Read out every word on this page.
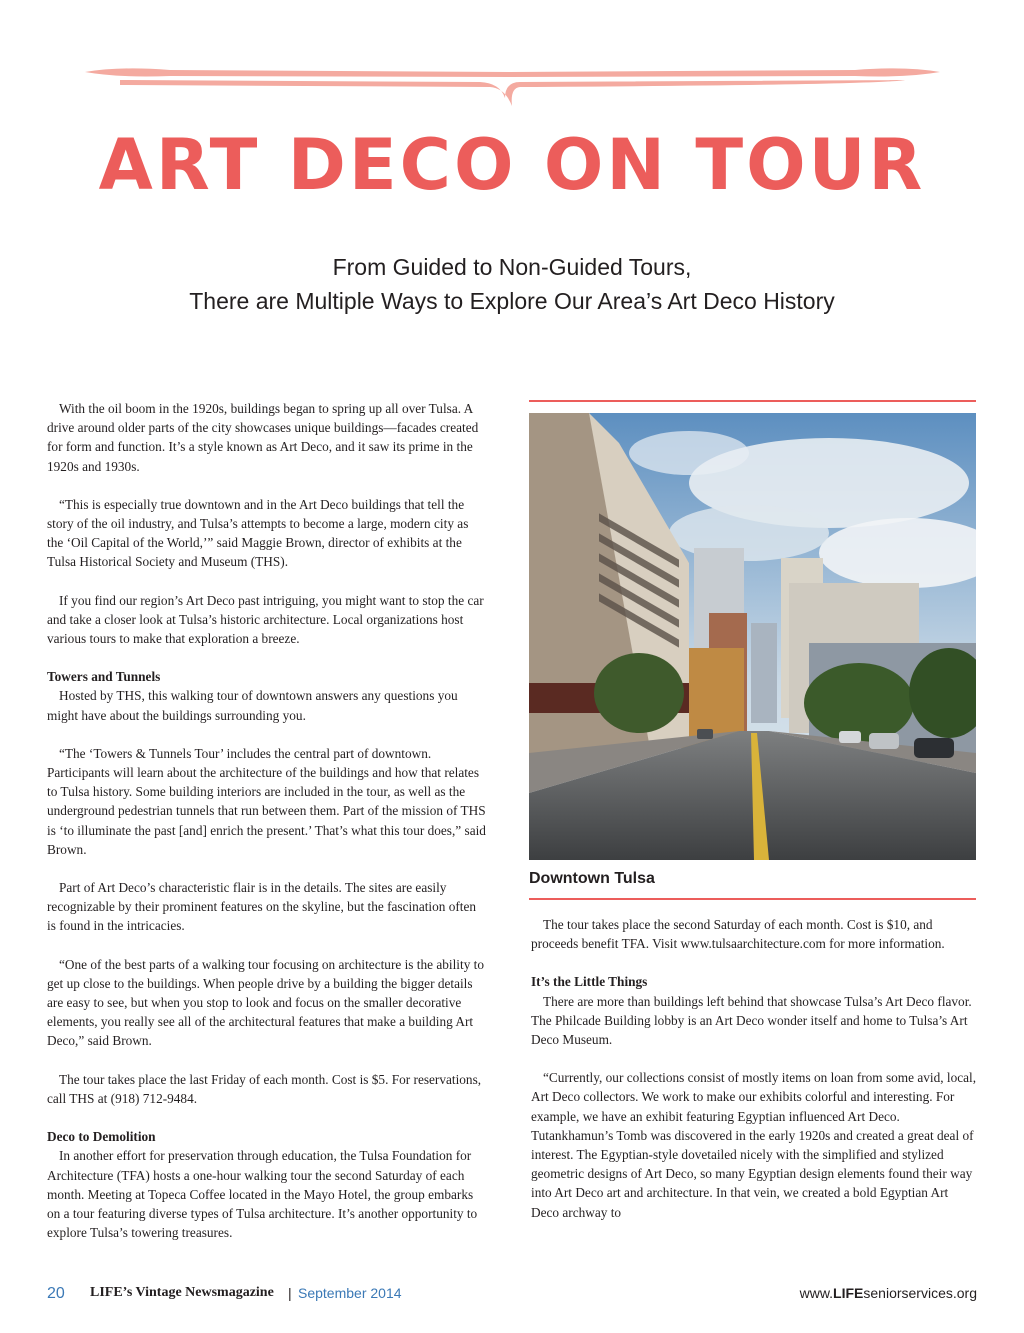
ART DECO ON TOUR
From Guided to Non-Guided Tours,
There are Multiple Ways to Explore Our Area’s Art Deco History

With the oil boom in the 1920s, buildings began to spring up all over Tulsa. A drive around older parts of the city showcases unique buildings—facades created for form and function. It’s a style known as Art Deco, and it saw its prime in the 1920s and 1930s.

“This is especially true downtown and in the Art Deco buildings that tell the story of the oil industry, and Tulsa’s attempts to become a large, modern city as the ‘Oil Capital of the World,’” said Maggie Brown, director of exhibits at the Tulsa Historical Society and Museum (THS).

If you find our region’s Art Deco past intriguing, you might want to stop the car and take a closer look at Tulsa’s historic architecture. Local organizations host various tours to make that exploration a breeze.

Towers and Tunnels

Hosted by THS, this walking tour of downtown answers any questions you might have about the buildings surrounding you.

“The ‘Towers & Tunnels Tour’ includes the central part of downtown. Participants will learn about the architecture of the buildings and how that relates to Tulsa history. Some building interiors are included in the tour, as well as the underground pedestrian tunnels that run between them. Part of the mission of THS is ‘to illuminate the past [and] enrich the present.’ That’s what this tour does,” said Brown.

Part of Art Deco’s characteristic flair is in the details. The sites are easily recognizable by their prominent features on the skyline, but the fascination often is found in the intricacies.

“One of the best parts of a walking tour focusing on architecture is the ability to get up close to the buildings. When people drive by a building the bigger details are easy to see, but when you stop to look and focus on the smaller decorative elements, you really see all of the architectural features that make a building Art Deco,” said Brown.

The tour takes place the last Friday of each month. Cost is $5. For reservations, call THS at (918) 712-9484.

Deco to Demolition

In another effort for preservation through education, the Tulsa Foundation for Architecture (TFA) hosts a one-hour walking tour the second Saturday of each month. Meeting at Topeca Coffee located in the Mayo Hotel, the group embarks on a tour featuring diverse types of Tulsa architecture. It’s another opportunity to explore Tulsa’s towering treasures.

Downtown Tulsa

The tour takes place the second Saturday of each month. Cost is $10, and proceeds benefit TFA. Visit www.tulsaarchitecture.com for more information.

It’s the Little Things

There are more than buildings left behind that showcase Tulsa’s Art Deco flavor. The Philcade Building lobby is an Art Deco wonder itself and home to Tulsa’s Art Deco Museum.

“Currently, our collections consist of mostly items on loan from some avid, local, Art Deco collectors. We work to make our exhibits colorful and interesting. For example, we have an exhibit featuring Egyptian influenced Art Deco. Tutankhamun’s Tomb was discovered in the early 1920s and created a great deal of interest. The Egyptian-style dovetailed nicely with the simplified and stylized geometric designs of Art Deco, so many Egyptian design elements found their way into Art Deco art and architecture. In that vein, we created a bold Egyptian Art Deco archway to

20 LIFE’s Vintage Newsmagazine | September 2014	www.LIFEseniorservices.org
